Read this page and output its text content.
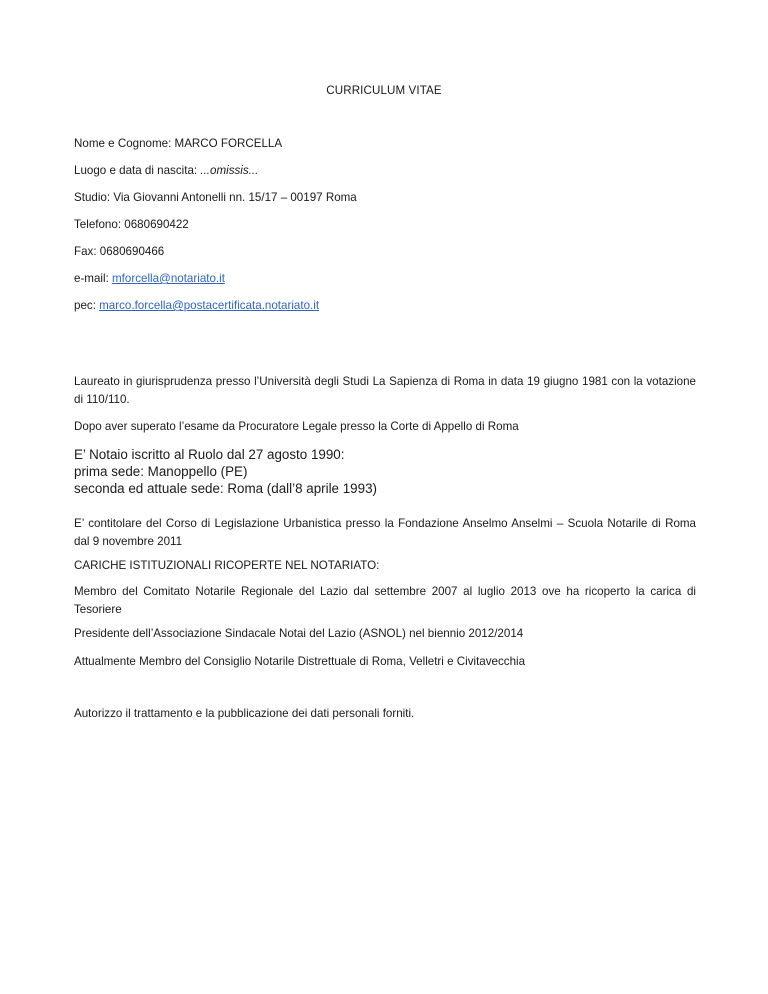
CURRICULUM VITAE
Nome e Cognome: MARCO FORCELLA
Luogo e data di nascita: ...omissis...
Studio: Via Giovanni Antonelli nn. 15/17 – 00197 Roma
Telefono: 0680690422
Fax: 0680690466
e-mail: mforcella@notariato.it
pec: marco.forcella@postacertificata.notariato.it
Laureato in giurisprudenza presso l’Università degli Studi La Sapienza di Roma in data 19 giugno 1981 con la votazione di 110/110.
Dopo aver superato l’esame da Procuratore Legale presso la Corte di Appello di Roma
E’ Notaio iscritto al Ruolo dal 27 agosto 1990:
prima sede: Manoppello (PE)
seconda ed attuale sede: Roma (dall’8 aprile 1993)
E’ contitolare del Corso di Legislazione Urbanistica presso la Fondazione Anselmo Anselmi – Scuola Notarile di Roma dal 9 novembre 2011
CARICHE ISTITUZIONALI RICOPERTE NEL NOTARIATO:
Membro del Comitato Notarile Regionale del Lazio dal settembre 2007 al luglio 2013 ove ha ricoperto la carica di Tesoriere
Presidente dell’Associazione Sindacale Notai del Lazio (ASNOL) nel biennio 2012/2014
Attualmente Membro del Consiglio Notarile Distrettuale di Roma, Velletri e Civitavecchia
Autorizzo il trattamento e la pubblicazione dei dati personali forniti.
